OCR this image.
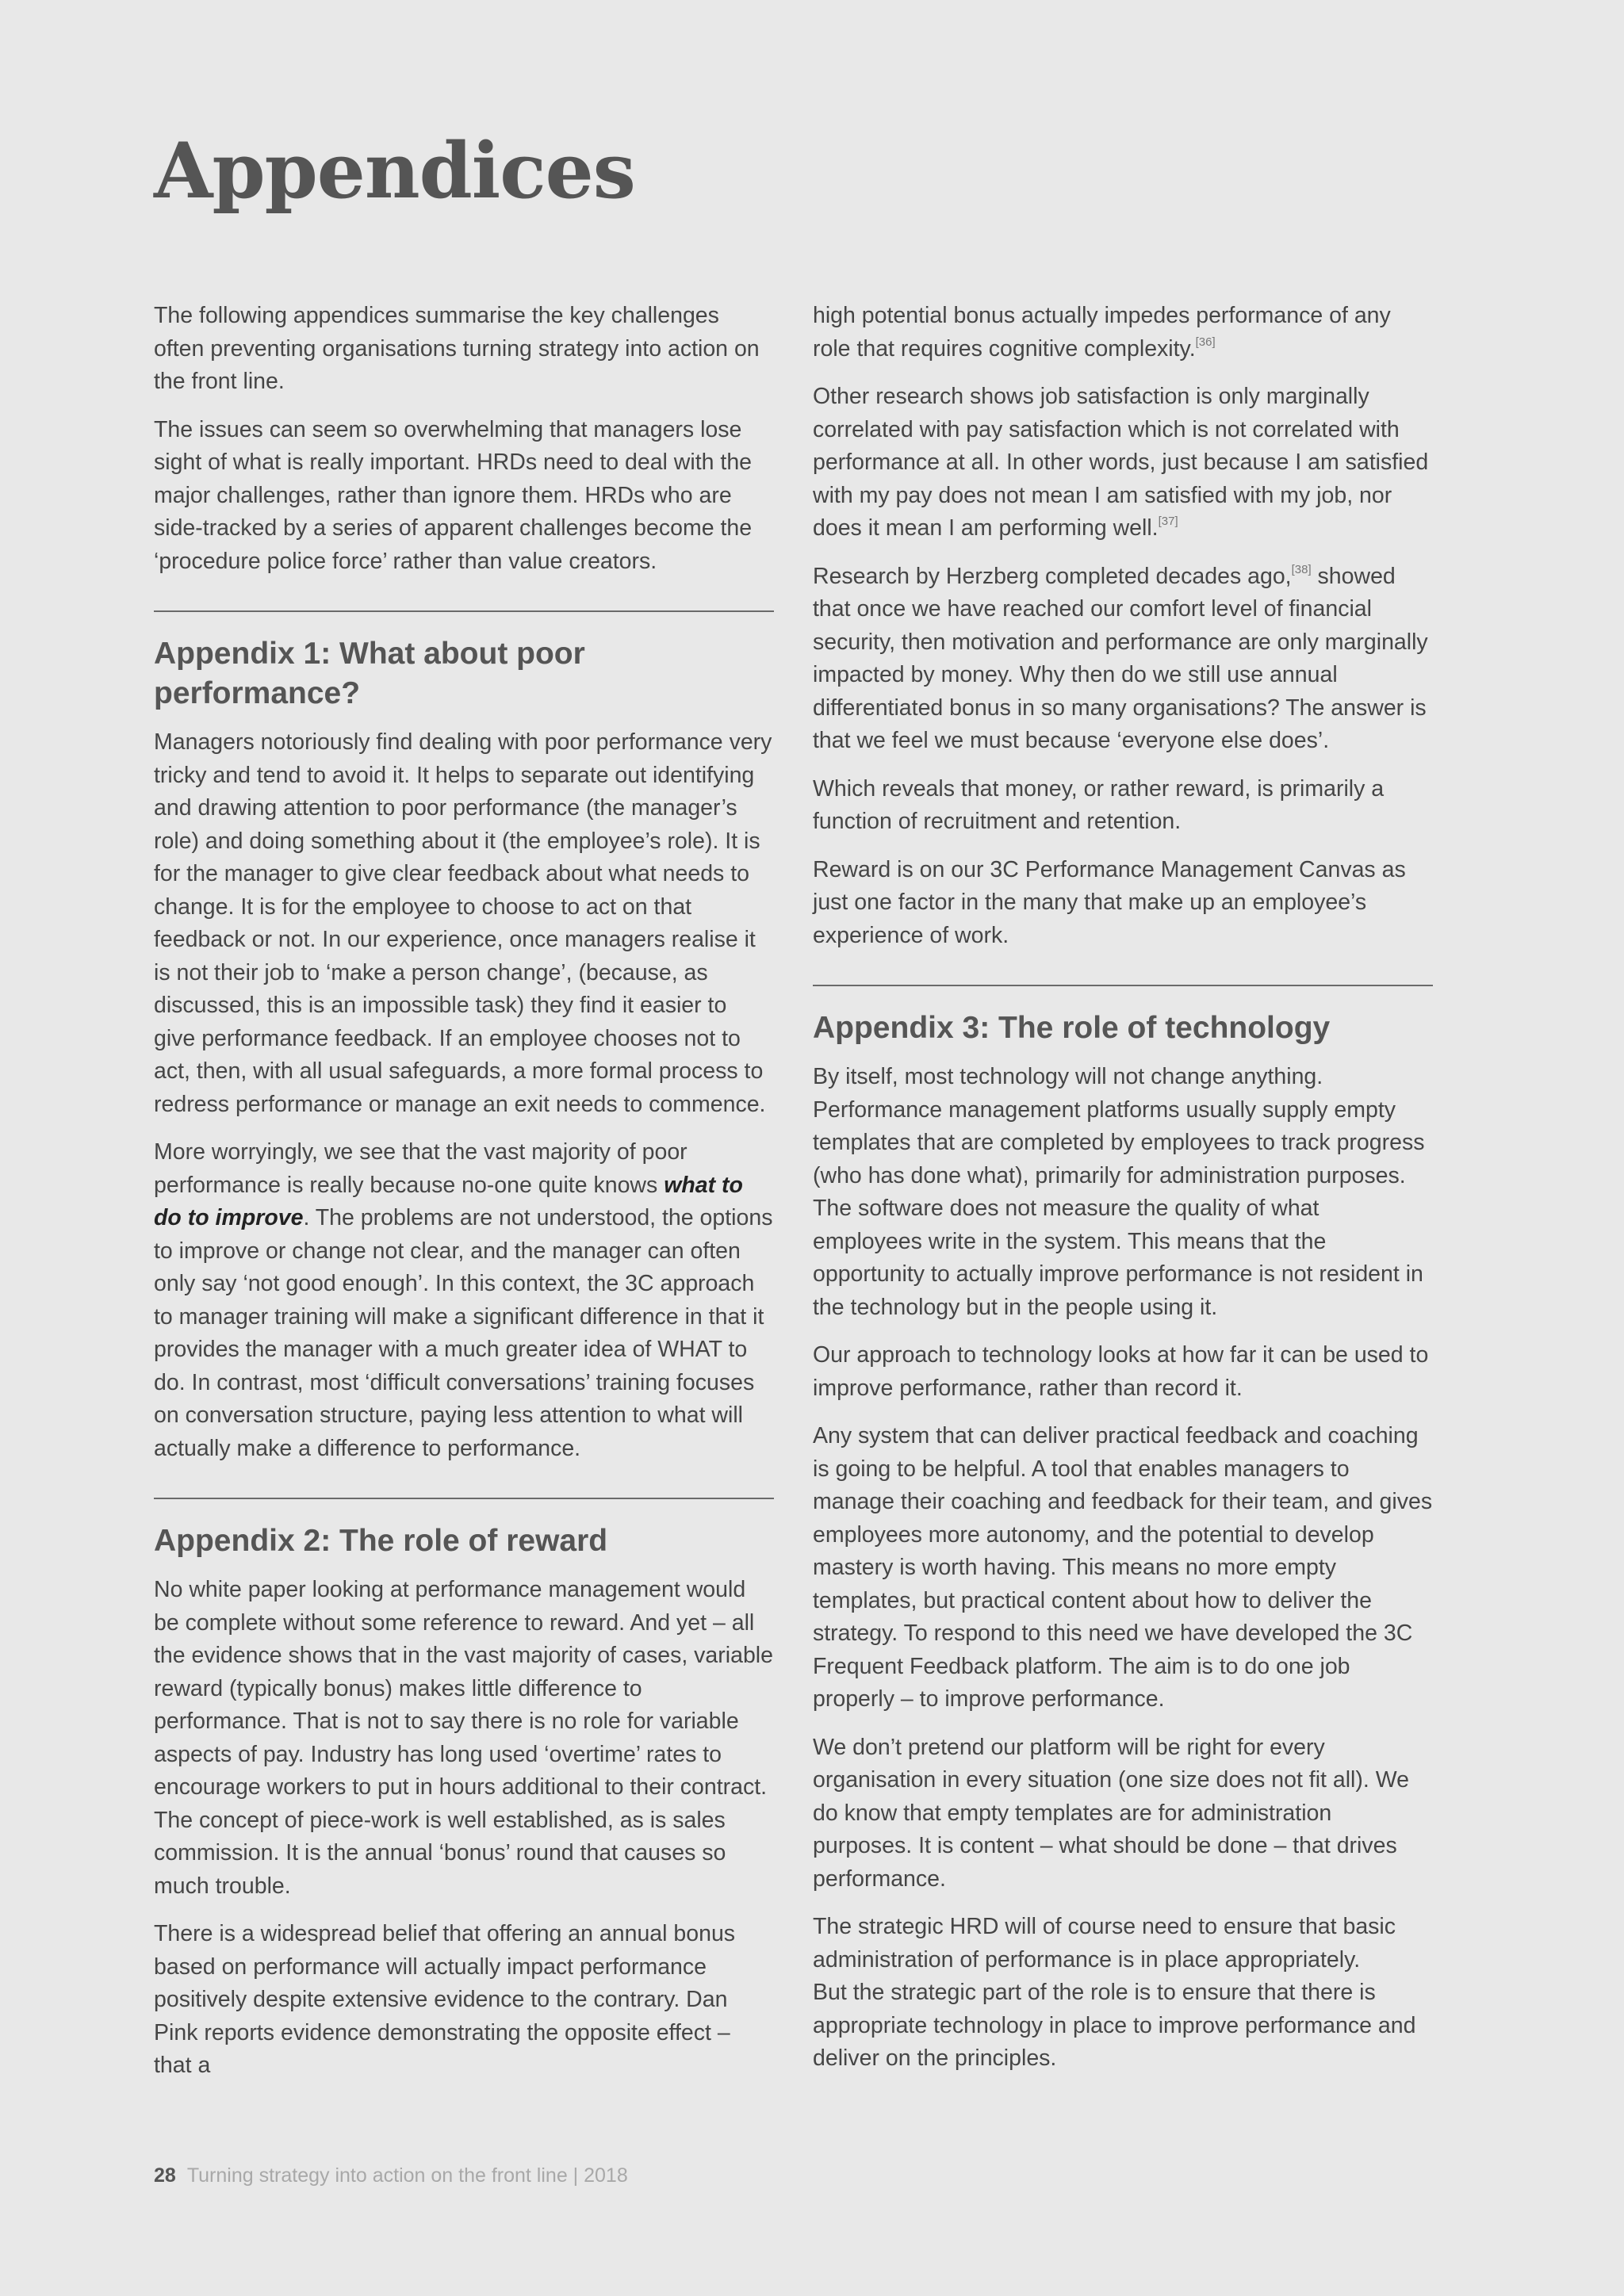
Appendices

The following appendices summarise the key challenges often preventing organisations turning strategy into action on the front line.

The issues can seem so overwhelming that managers lose sight of what is really important. HRDs need to deal with the major challenges, rather than ignore them. HRDs who are side-tracked by a series of apparent challenges become the ‘procedure police force’ rather than value creators.

Appendix 1: What about poor performance?

Managers notoriously find dealing with poor performance very tricky and tend to avoid it. It helps to separate out identifying and drawing attention to poor performance (the manager’s role) and doing something about it (the employee’s role). It is for the manager to give clear feedback about what needs to change. It is for the employee to choose to act on that feedback or not. In our experience, once managers realise it is not their job to ‘make a person change’, (because, as discussed, this is an impossible task) they find it easier to give performance feedback. If an employee chooses not to act, then, with all usual safeguards, a more formal process to redress performance or manage an exit needs to commence.

More worryingly, we see that the vast majority of poor performance is really because no-one quite knows what to do to improve. The problems are not understood, the options to improve or change not clear, and the manager can often only say ‘not good enough’. In this context, the 3C approach to manager training will make a significant difference in that it provides the manager with a much greater idea of WHAT to do. In contrast, most ‘difficult conversations’ training focuses on conversation structure, paying less attention to what will actually make a difference to performance.

Appendix 2: The role of reward

No white paper looking at performance management would be complete without some reference to reward. And yet – all the evidence shows that in the vast majority of cases, variable reward (typically bonus) makes little difference to performance. That is not to say there is no role for variable aspects of pay. Industry has long used ‘overtime’ rates to encourage workers to put in hours additional to their contract. The concept of piece-work is well established, as is sales commission. It is the annual ‘bonus’ round that causes so much trouble.

There is a widespread belief that offering an annual bonus based on performance will actually impact performance positively despite extensive evidence to the contrary. Dan Pink reports evidence demonstrating the opposite effect – that a

high potential bonus actually impedes performance of any role that requires cognitive complexity.[36]

Other research shows job satisfaction is only marginally correlated with pay satisfaction which is not correlated with performance at all. In other words, just because I am satisfied with my pay does not mean I am satisfied with my job, nor does it mean I am performing well.[37]

Research by Herzberg completed decades ago,[38] showed that once we have reached our comfort level of financial security, then motivation and performance are only marginally impacted by money. Why then do we still use annual differentiated bonus in so many organisations? The answer is that we feel we must because ‘everyone else does’.

Which reveals that money, or rather reward, is primarily a function of recruitment and retention.

Reward is on our 3C Performance Management Canvas as just one factor in the many that make up an employee’s experience of work.

Appendix 3: The role of technology

By itself, most technology will not change anything. Performance management platforms usually supply empty templates that are completed by employees to track progress (who has done what), primarily for administration purposes. The software does not measure the quality of what employees write in the system. This means that the opportunity to actually improve performance is not resident in the technology but in the people using it.

Our approach to technology looks at how far it can be used to improve performance, rather than record it.

Any system that can deliver practical feedback and coaching is going to be helpful. A tool that enables managers to manage their coaching and feedback for their team, and gives employees more autonomy, and the potential to develop mastery is worth having. This means no more empty templates, but practical content about how to deliver the strategy. To respond to this need we have developed the 3C Frequent Feedback platform. The aim is to do one job properly – to improve performance.

We don’t pretend our platform will be right for every organisation in every situation (one size does not fit all). We do know that empty templates are for administration purposes. It is content – what should be done – that drives performance.

The strategic HRD will of course need to ensure that basic administration of performance is in place appropriately.
But the strategic part of the role is to ensure that there is appropriate technology in place to improve performance and deliver on the principles.

28 Turning strategy into action on the front line | 2018
